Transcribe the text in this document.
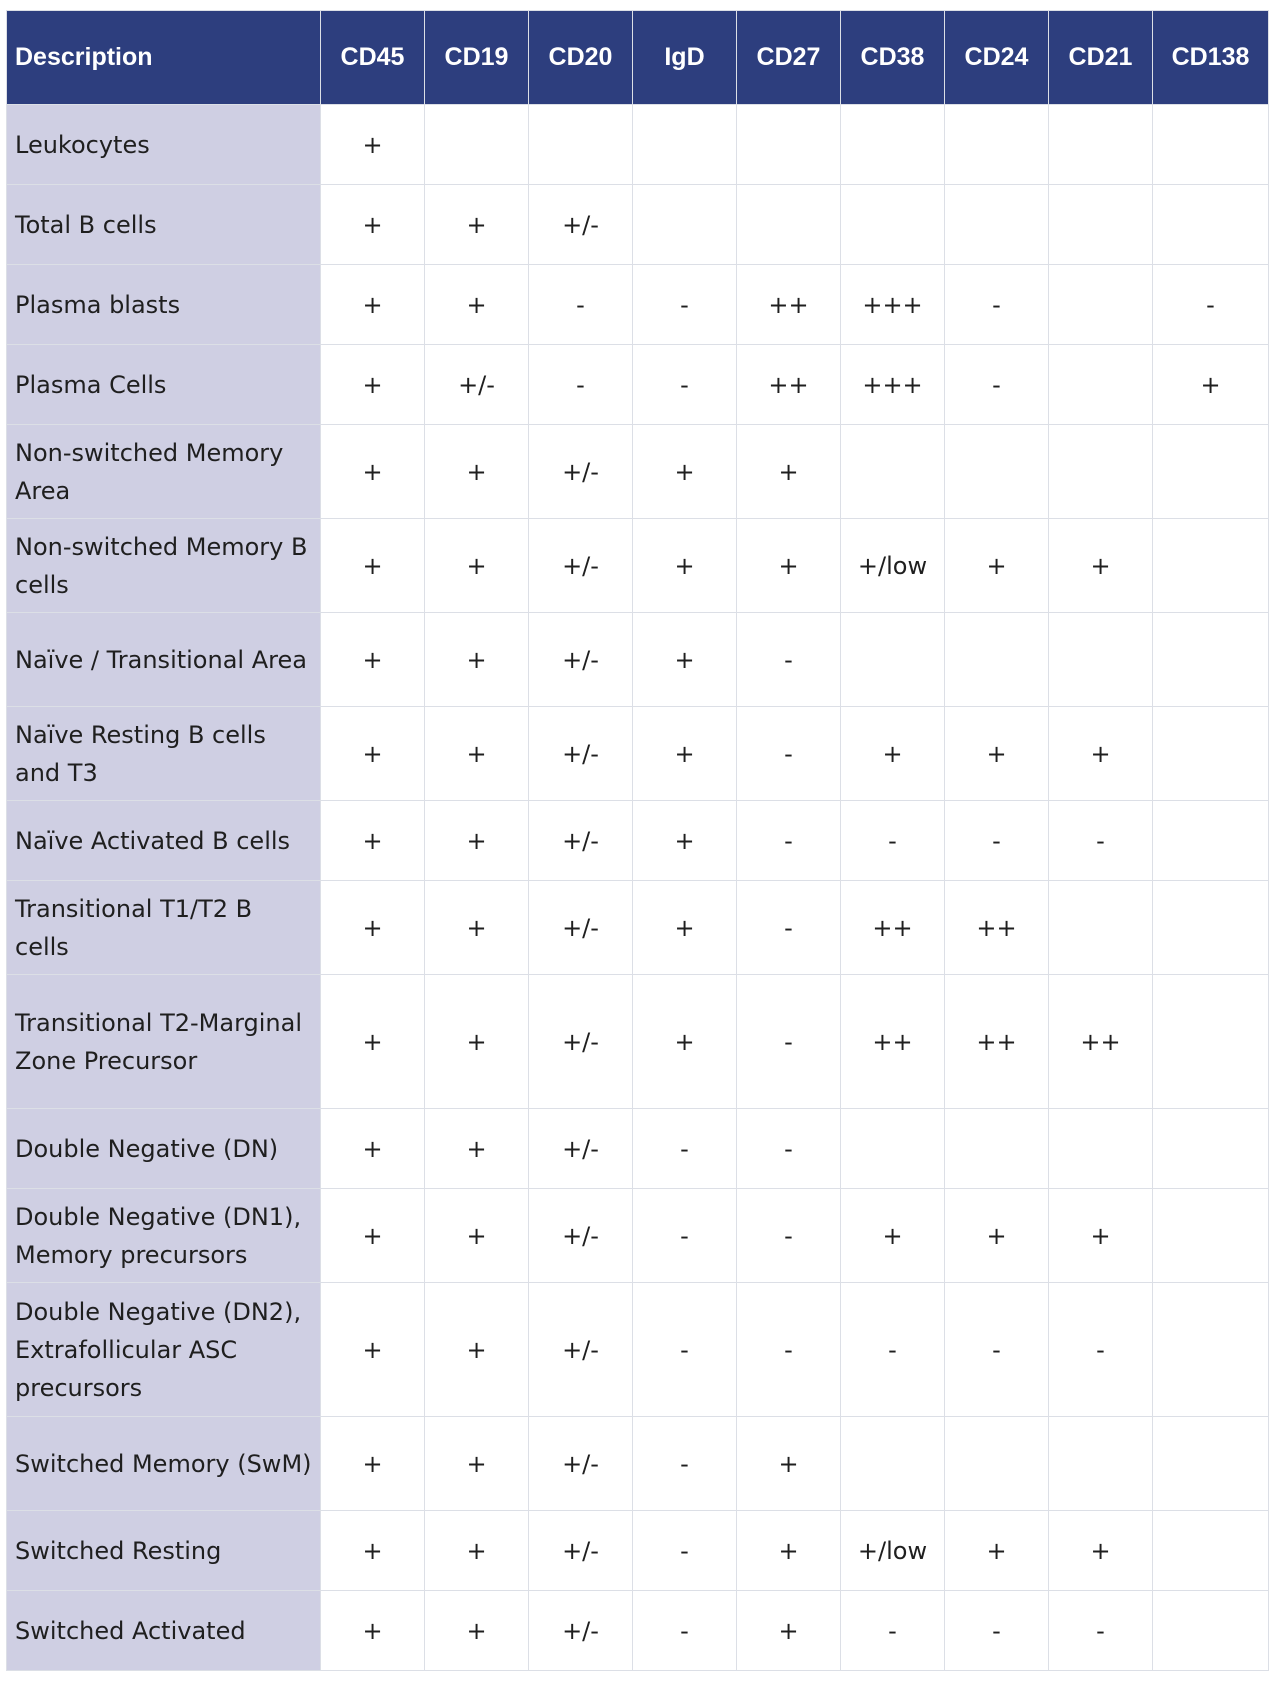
Description	CD45	CD19	CD20	IgD	CD27	CD38	CD24	CD21	CD138
Leukocytes	+								
Total B cells	+	+	+/-						
Plasma blasts	+	+	-	-	++	+++	-		-
Plasma Cells	+	+/-	-	-	++	+++	-		+
Non-switched Memory Area	+	+	+/-	+	+				
Non-switched Memory B cells	+	+	+/-	+	+	+/low	+	+	
Naïve / Transitional Area	+	+	+/-	+	-				
Naïve Resting B cells and T3	+	+	+/-	+	-	+	+	+	
Naïve Activated B cells	+	+	+/-	+	-	-	-	-	
Transitional T1/T2 B cells	+	+	+/-	+	-	++	++		
Transitional T2-Marginal Zone Precursor	+	+	+/-	+	-	++	++	++	
Double Negative (DN)	+	+	+/-	-	-				
Double Negative (DN1), Memory precursors	+	+	+/-	-	-	+	+	+	
Double Negative (DN2), Extrafollicular ASC precursors	+	+	+/-	-	-	-	-	-	
Switched Memory (SwM)	+	+	+/-	-	+				
Switched Resting	+	+	+/-	-	+	+/low	+	+	
Switched Activated	+	+	+/-	-	+	-	-	-	
